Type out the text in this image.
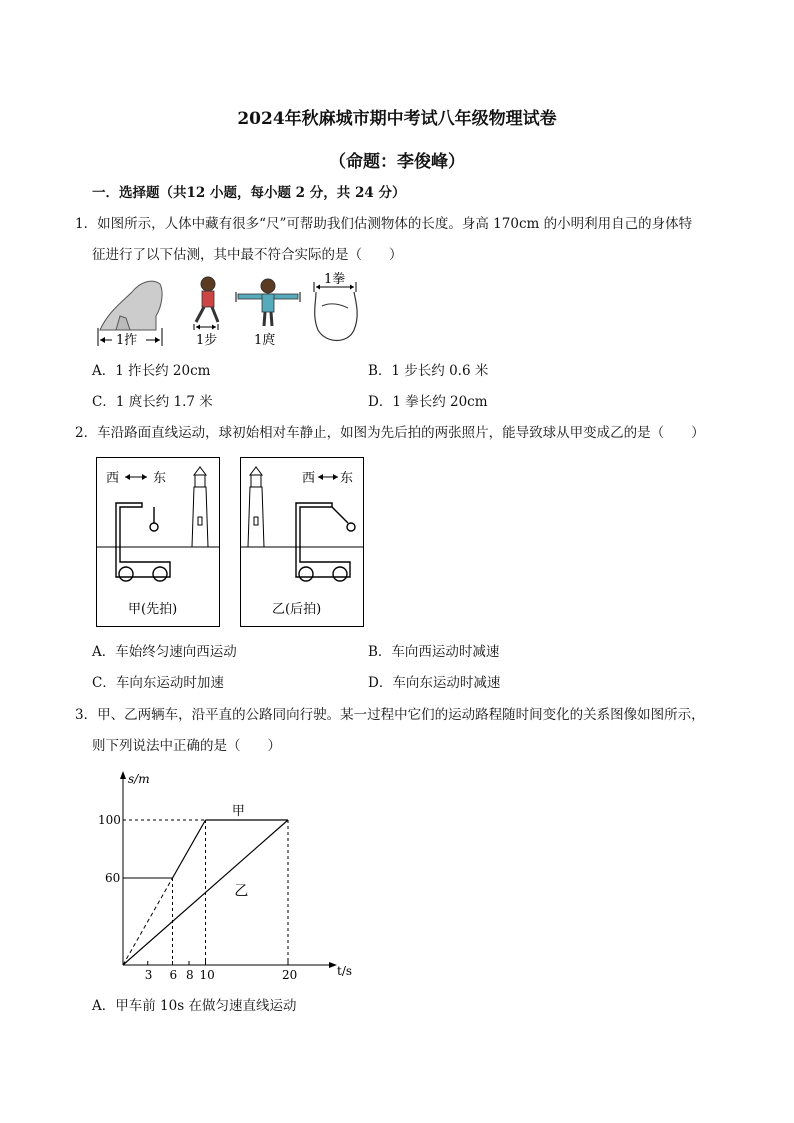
2024年秋麻城市期中考试八年级物理试卷
（命题：李俊峰）
一．选择题（共12 小题，每小题 2 分，共 24 分）
1．如图所示，人体中藏有很多“尺”可帮助我们估测物体的长度。身高 170cm 的小明利用自己的身体特
征进行了以下估测，其中最不符合实际的是（　　）
1拃	1步	1庹
1拳
A．1 拃长约 20cm	B．1 步长约 0.6 米
C．1 庹长约 1.7 米	D．1 拳长约 20cm
2．车沿路面直线运动，球初始相对车静止，如图为先后拍的两张照片，能导致球从甲变成乙的是（　　）
西	东
甲(先拍)
西 东
乙(后拍)
A．车始终匀速向西运动	B．车向西运动时减速
C．车向东运动时加速	D．车向东运动时减速
3．甲、乙两辆车，沿平直的公路同向行驶。某一过程中它们的运动路程随时间变化的关系图像如图所示，
则下列说法中正确的是（　　）
t/s
s/m
3 6 8 10	20
60
100
甲
乙
A．甲车前 10s 在做匀速直线运动
